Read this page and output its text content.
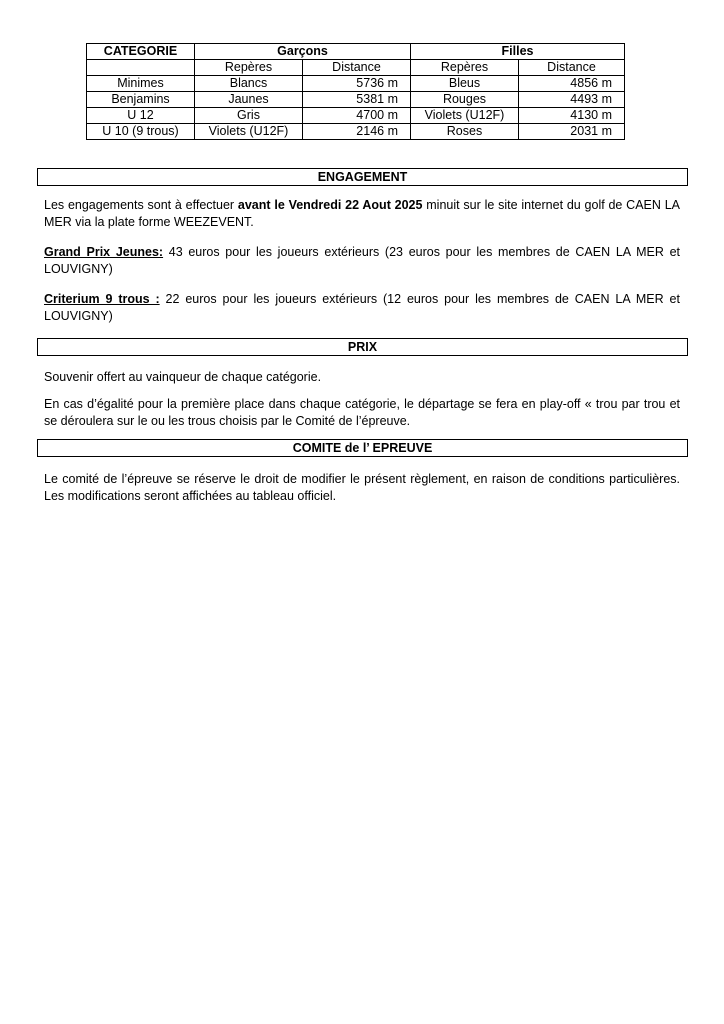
CATEGORIE	Garçons		Filles	
	Repères	Distance	Repères	Distance
Minimes	Blancs	5736 m	Bleus	4856 m
Benjamins	Jaunes	5381 m	Rouges	4493 m
U 12	Gris	4700 m	Violets (U12F)	4130 m
U 10 (9 trous)	Violets (U12F)	2146 m	Roses	2031 m
ENGAGEMENT

Les engagements sont à effectuer avant le Vendredi 22 Aout 2025 minuit sur le site internet du golf de CAEN LA MER via la plate forme WEEZEVENT.

Grand Prix Jeunes: 43 euros pour les joueurs extérieurs (23 euros pour les membres de CAEN LA MER et LOUVIGNY)

Criterium 9 trous : 22 euros pour les joueurs extérieurs (12 euros pour les membres de CAEN LA MER et LOUVIGNY)

PRIX

Souvenir offert au vainqueur de chaque catégorie.

En cas d’égalité pour la première place dans chaque catégorie, le départage se fera en play-off « trou par trou et se déroulera sur le ou les trous choisis par le Comité de l’épreuve.

COMITE de l’ EPREUVE

Le comité de l’épreuve se réserve le droit de modifier le présent règlement, en raison de conditions particulières. Les modifications seront affichées au tableau officiel.
